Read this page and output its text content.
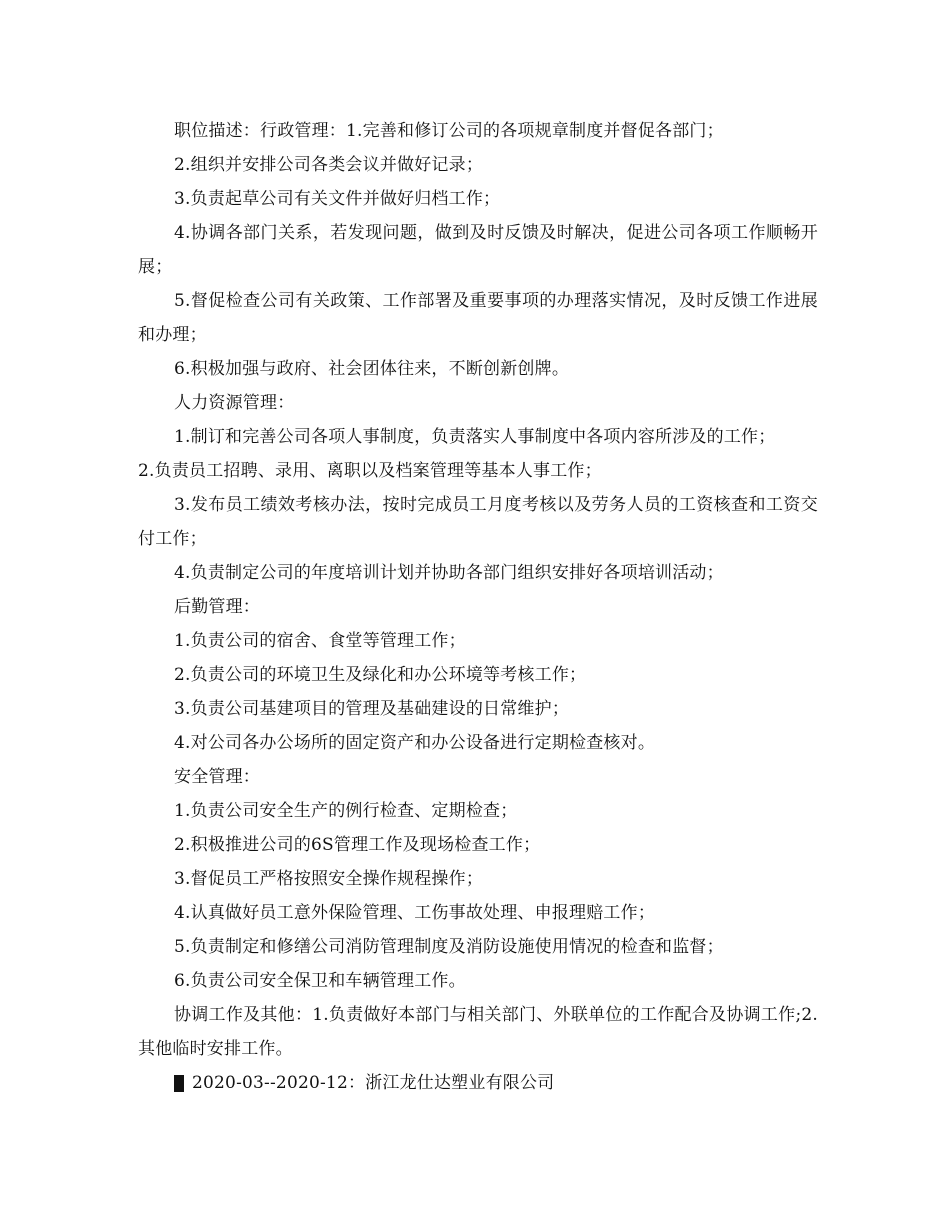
职位描述：行政管理：1.完善和修订公司的各项规章制度并督促各部门；

2.组织并安排公司各类会议并做好记录；

3.负责起草公司有关文件并做好归档工作；

4.协调各部门关系，若发现问题，做到及时反馈及时解决，促进公司各项工作顺畅开展；

5.督促检查公司有关政策、工作部署及重要事项的办理落实情况，及时反馈工作进展和办理；

6.积极加强与政府、社会团体往来，不断创新创牌。

人力资源管理：

1.制订和完善公司各项人事制度，负责落实人事制度中各项内容所涉及的工作；

2.负责员工招聘、录用、离职以及档案管理等基本人事工作；

3.发布员工绩效考核办法，按时完成员工月度考核以及劳务人员的工资核查和工资交付工作；

4.负责制定公司的年度培训计划并协助各部门组织安排好各项培训活动；

后勤管理：

1.负责公司的宿舍、食堂等管理工作；

2.负责公司的环境卫生及绿化和办公环境等考核工作；

3.负责公司基建项目的管理及基础建设的日常维护；

4.对公司各办公场所的固定资产和办公设备进行定期检查核对。

安全管理：

1.负责公司安全生产的例行检查、定期检查；

2.积极推进公司的6S管理工作及现场检查工作；

3.督促员工严格按照安全操作规程操作；

4.认真做好员工意外保险管理、工伤事故处理、申报理赔工作；

5.负责制定和修缮公司消防管理制度及消防设施使用情况的检查和监督；

6.负责公司安全保卫和车辆管理工作。

协调工作及其他：1.负责做好本部门与相关部门、外联单位的工作配合及协调工作;2.其他临时安排工作。

2020-03--2020-12：浙江龙仕达塑业有限公司
